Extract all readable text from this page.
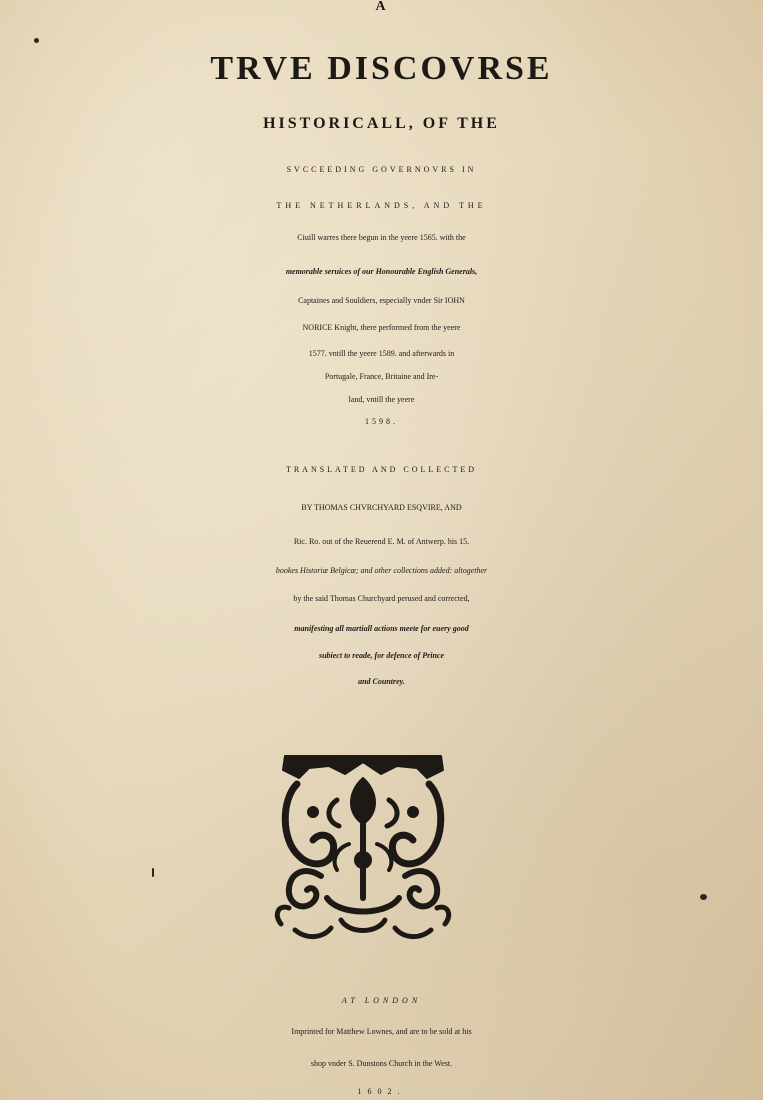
A
TRVE DISCOVRSE
HISTORICALL, OF THE
SVCCEEDING GOVERNOVRS IN
THE NETHERLANDS, AND THE
Ciuill warres there begun in the yeere 1565. with the
memorable seruices of our Honourable English Generals,
Captaines and Souldiers, especially vnder Sir IOHN
NORICE Knight, there performed from the yeere
1577. vntill the yeere 1589. and afterwards in
Portugale, France, Britaine and Ire-
land, vntill the yeere
1598.
TRANSLATED AND COLLECTED
BY THOMAS CHVRCHYARD ESQVIRE, AND
Ric. Ro. out of the Reuerend E. M. of Antwerp. his 15.
bookes Historiæ Belgicæ; and other collections added: altogether
by the said Thomas Churchyard perused and corrected,
manifesting all martiall actions meete for euery good
subiect to reade, for defence of Prince
and Countrey.
AT LONDON
Imprinted for Matthew Lownes, and are to be sold at his
shop vnder S. Dunstons Church in the West.
1602.
